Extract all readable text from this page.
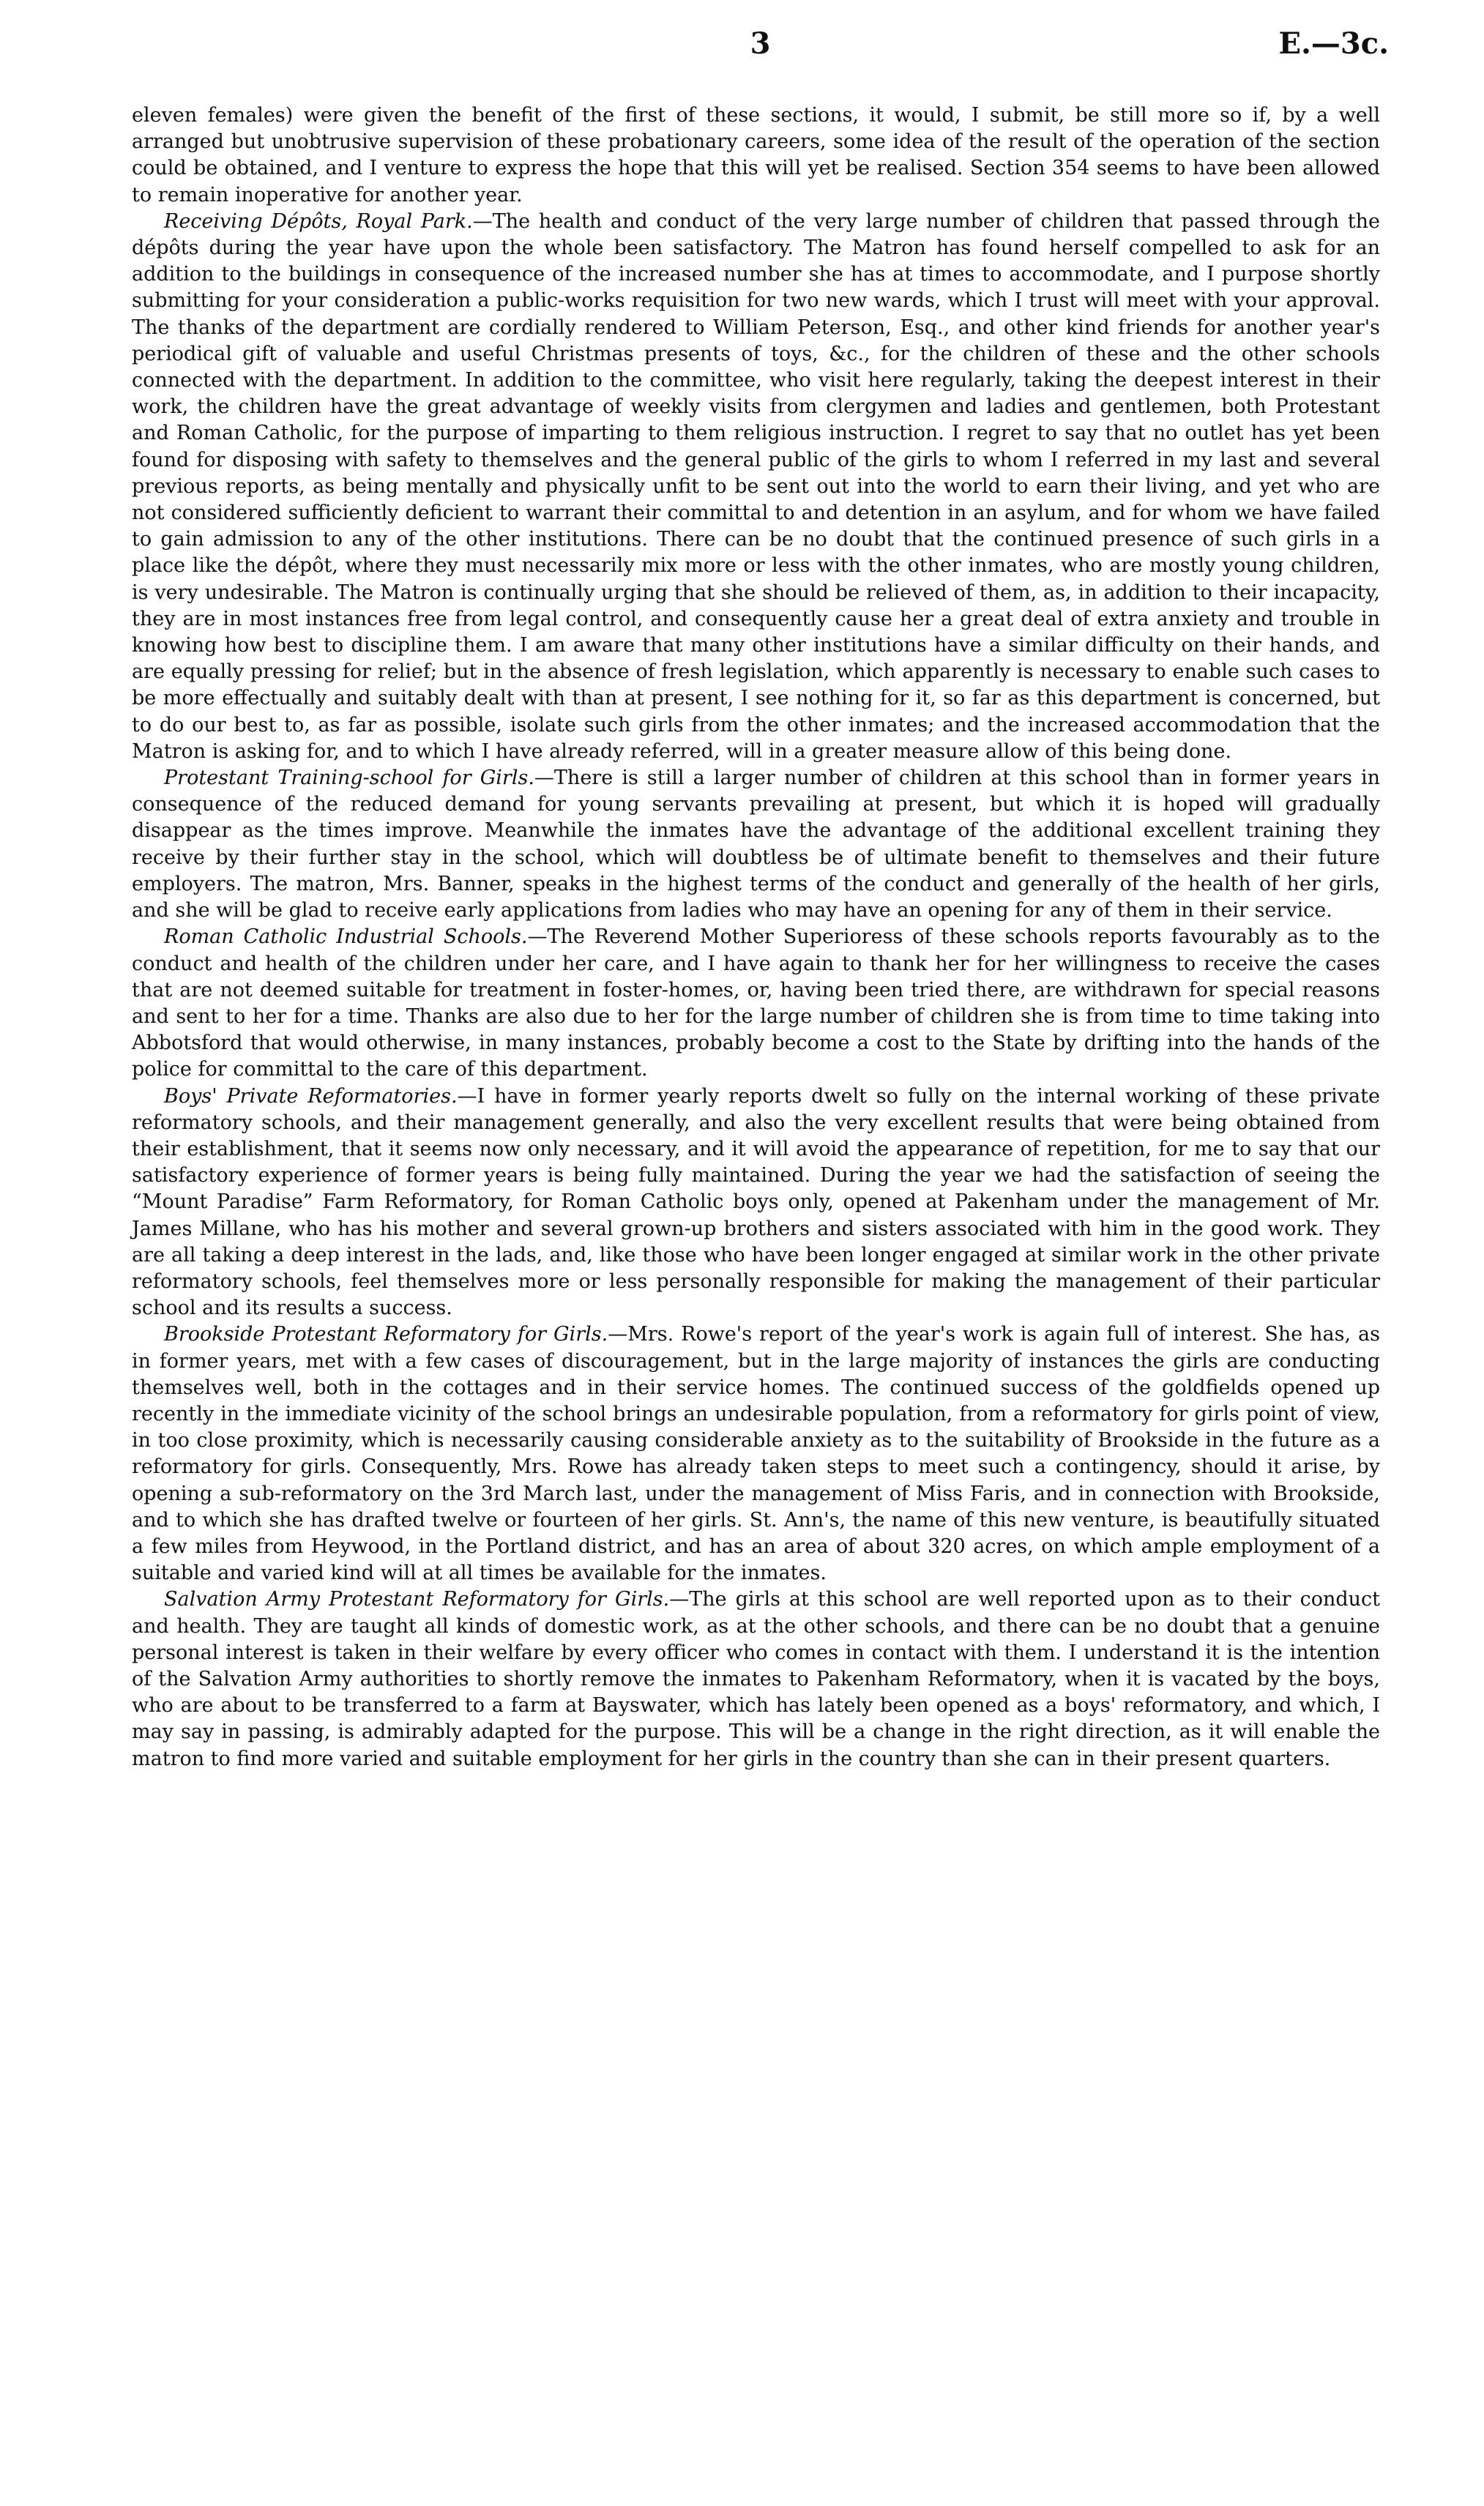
3	E.—3c.

eleven females) were given the benefit of the first of these sections, it would, I submit, be still more so if, by a well arranged but unobtrusive supervision of these probationary careers, some idea of the result of the operation of the section could be obtained, and I venture to express the hope that this will yet be realised. Section 354 seems to have been allowed to remain inoperative for another year.

Receiving Dépôts, Royal Park.—The health and conduct of the very large number of children that passed through the dépôts during the year have upon the whole been satisfactory. The Matron has found herself compelled to ask for an addition to the buildings in consequence of the increased number she has at times to accommodate, and I purpose shortly submitting for your consideration a public-works requisition for two new wards, which I trust will meet with your approval. The thanks of the department are cordially rendered to William Peterson, Esq., and other kind friends for another year's periodical gift of valuable and useful Christmas presents of toys, &c., for the children of these and the other schools connected with the department. In addition to the committee, who visit here regularly, taking the deepest interest in their work, the children have the great advantage of weekly visits from clergymen and ladies and gentlemen, both Protestant and Roman Catholic, for the purpose of imparting to them religious instruction. I regret to say that no outlet has yet been found for disposing with safety to themselves and the general public of the girls to whom I referred in my last and several previous reports, as being mentally and physically unfit to be sent out into the world to earn their living, and yet who are not considered sufficiently deficient to warrant their committal to and detention in an asylum, and for whom we have failed to gain admission to any of the other institutions. There can be no doubt that the continued presence of such girls in a place like the dépôt, where they must necessarily mix more or less with the other inmates, who are mostly young children, is very undesirable. The Matron is continually urging that she should be relieved of them, as, in addition to their incapacity, they are in most instances free from legal control, and consequently cause her a great deal of extra anxiety and trouble in knowing how best to discipline them. I am aware that many other institutions have a similar difficulty on their hands, and are equally pressing for relief; but in the absence of fresh legislation, which apparently is necessary to enable such cases to be more effectually and suitably dealt with than at present, I see nothing for it, so far as this department is concerned, but to do our best to, as far as possible, isolate such girls from the other inmates; and the increased accommodation that the Matron is asking for, and to which I have already referred, will in a greater measure allow of this being done.

Protestant Training-school for Girls.—There is still a larger number of children at this school than in former years in consequence of the reduced demand for young servants prevailing at present, but which it is hoped will gradually disappear as the times improve. Meanwhile the inmates have the advantage of the additional excellent training they receive by their further stay in the school, which will doubtless be of ultimate benefit to themselves and their future employers. The matron, Mrs. Banner, speaks in the highest terms of the conduct and generally of the health of her girls, and she will be glad to receive early applications from ladies who may have an opening for any of them in their service.

Roman Catholic Industrial Schools.—The Reverend Mother Superioress of these schools reports favourably as to the conduct and health of the children under her care, and I have again to thank her for her willingness to receive the cases that are not deemed suitable for treatment in foster-homes, or, having been tried there, are withdrawn for special reasons and sent to her for a time. Thanks are also due to her for the large number of children she is from time to time taking into Abbotsford that would otherwise, in many instances, probably become a cost to the State by drifting into the hands of the police for committal to the care of this department.

Boys' Private Reformatories.—I have in former yearly reports dwelt so fully on the internal working of these private reformatory schools, and their management generally, and also the very excellent results that were being obtained from their establishment, that it seems now only necessary, and it will avoid the appearance of repetition, for me to say that our satisfactory experience of former years is being fully maintained. During the year we had the satisfaction of seeing the “Mount Paradise” Farm Reformatory, for Roman Catholic boys only, opened at Pakenham under the management of Mr. James Millane, who has his mother and several grown-up brothers and sisters associated with him in the good work. They are all taking a deep interest in the lads, and, like those who have been longer engaged at similar work in the other private reformatory schools, feel themselves more or less personally responsible for making the management of their particular school and its results a success.

Brookside Protestant Reformatory for Girls.—Mrs. Rowe's report of the year's work is again full of interest. She has, as in former years, met with a few cases of discouragement, but in the large majority of instances the girls are conducting themselves well, both in the cottages and in their service homes. The continued success of the goldfields opened up recently in the immediate vicinity of the school brings an undesirable population, from a reformatory for girls point of view, in too close proximity, which is necessarily causing considerable anxiety as to the suitability of Brookside in the future as a reformatory for girls. Consequently, Mrs. Rowe has already taken steps to meet such a contingency, should it arise, by opening a sub-reformatory on the 3rd March last, under the management of Miss Faris, and in connection with Brookside, and to which she has drafted twelve or fourteen of her girls. St. Ann's, the name of this new venture, is beautifully situated a few miles from Heywood, in the Portland district, and has an area of about 320 acres, on which ample employment of a suitable and varied kind will at all times be available for the inmates.

Salvation Army Protestant Reformatory for Girls.—The girls at this school are well reported upon as to their conduct and health. They are taught all kinds of domestic work, as at the other schools, and there can be no doubt that a genuine personal interest is taken in their welfare by every officer who comes in contact with them. I understand it is the intention of the Salvation Army authorities to shortly remove the inmates to Pakenham Reformatory, when it is vacated by the boys, who are about to be transferred to a farm at Bayswater, which has lately been opened as a boys' reformatory, and which, I may say in passing, is admirably adapted for the purpose. This will be a change in the right direction, as it will enable the matron to find more varied and suitable employment for her girls in the country than she can in their present quarters.
